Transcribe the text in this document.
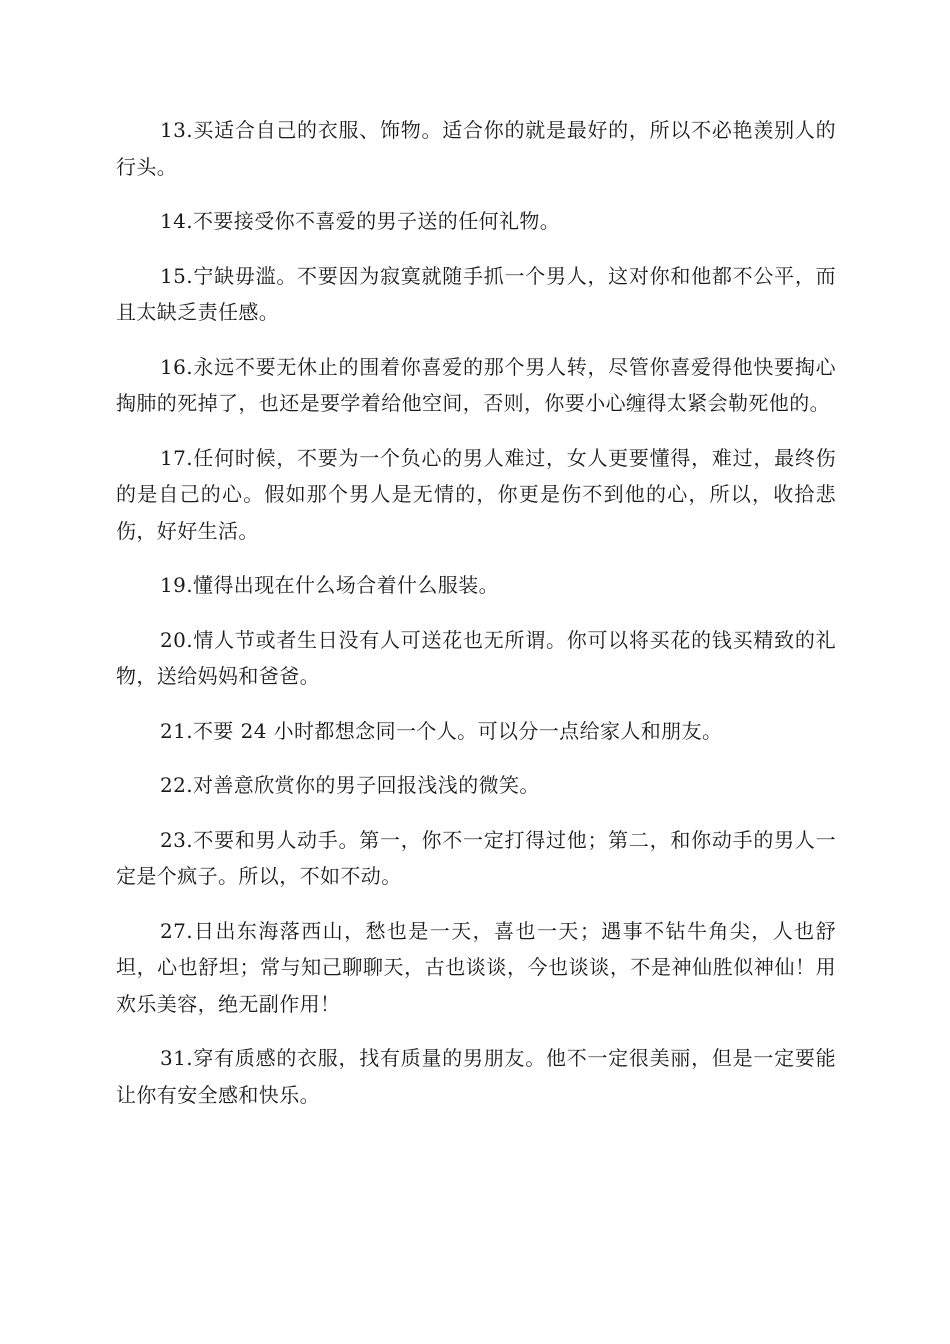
13.买适合自己的衣服、饰物。适合你的就是最好的，所以不必艳羡别人的行头。

14.不要接受你不喜爱的男子送的任何礼物。

15.宁缺毋滥。不要因为寂寞就随手抓一个男人，这对你和他都不公平，而且太缺乏责任感。

16.永远不要无休止的围着你喜爱的那个男人转，尽管你喜爱得他快要掏心掏肺的死掉了，也还是要学着给他空间，否则，你要小心缠得太紧会勒死他的。

17.任何时候，不要为一个负心的男人难过，女人更要懂得，难过，最终伤的是自己的心。假如那个男人是无情的，你更是伤不到他的心，所以，收拾悲伤，好好生活。

19.懂得出现在什么场合着什么服装。

20.情人节或者生日没有人可送花也无所谓。你可以将买花的钱买精致的礼物，送给妈妈和爸爸。

21.不要 24 小时都想念同一个人。可以分一点给家人和朋友。

22.对善意欣赏你的男子回报浅浅的微笑。

23.不要和男人动手。第一，你不一定打得过他；第二，和你动手的男人一定是个疯子。所以，不如不动。

27.日出东海落西山，愁也是一天，喜也一天；遇事不钻牛角尖，人也舒坦，心也舒坦；常与知己聊聊天，古也谈谈，今也谈谈，不是神仙胜似神仙！用欢乐美容，绝无副作用！

31.穿有质感的衣服，找有质量的男朋友。他不一定很美丽，但是一定要能让你有安全感和快乐。
